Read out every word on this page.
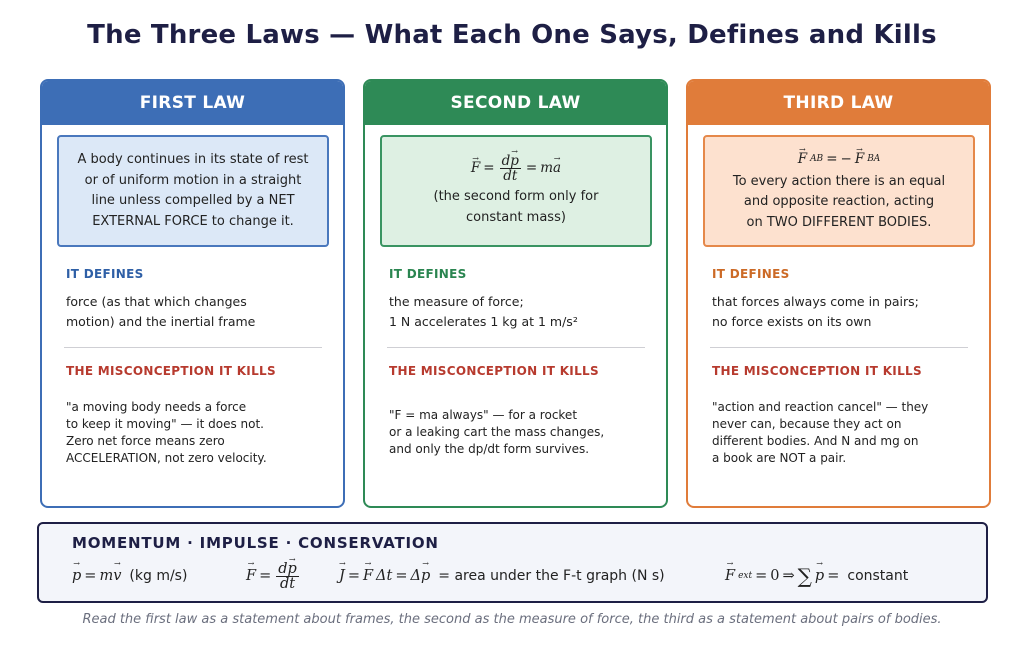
The Three Laws — What Each One Says, Defines and Kills
FIRST LAW
A body continues in its state of rest
or of uniform motion in a straight
line unless compelled by a NET
EXTERNAL FORCE to change it.
IT DEFINES
force (as that which changes
motion) and the inertial frame
THE MISCONCEPTION IT KILLS
"a moving body needs a force
to keep it moving" — it does not.
Zero net force means zero
ACCELERATION, not zero velocity.
SECOND LAW
→ $F = \frac{d\to p}{dt} = m\to a$
(the second form only for
constant mass)
IT DEFINES
the measure of force;
1 N accelerates 1 kg at 1 m/s²
THE MISCONCEPTION IT KILLS
"F = ma always" — for a rocket
or a leaking cart the mass changes,
and only the dp/dt form survives.
THIRD LAW
→ F AB = − → F BA
To every action there is an equal
and opposite reaction, acting
on TWO DIFFERENT BODIES.
IT DEFINES
that forces always come in pairs;
no force exists on its own
THE MISCONCEPTION IT KILLS
"action and reaction cancel" — they
never can, because they act on
different bodies. And N and mg on
a book are NOT a pair.
MOMENTUM · IMPULSE · CONSERVATION
→ p = m→ v (kg m/s)	→ $F = \frac{d\to p}{dt}$	→ J = → F Δt = Δ→ p = area under the F-t graph (N s)	→ F ext = 0 ⇒ ∑ → p = constant
Read the first law as a statement about frames, the second as the measure of force, the third as a statement about pairs of bodies.
